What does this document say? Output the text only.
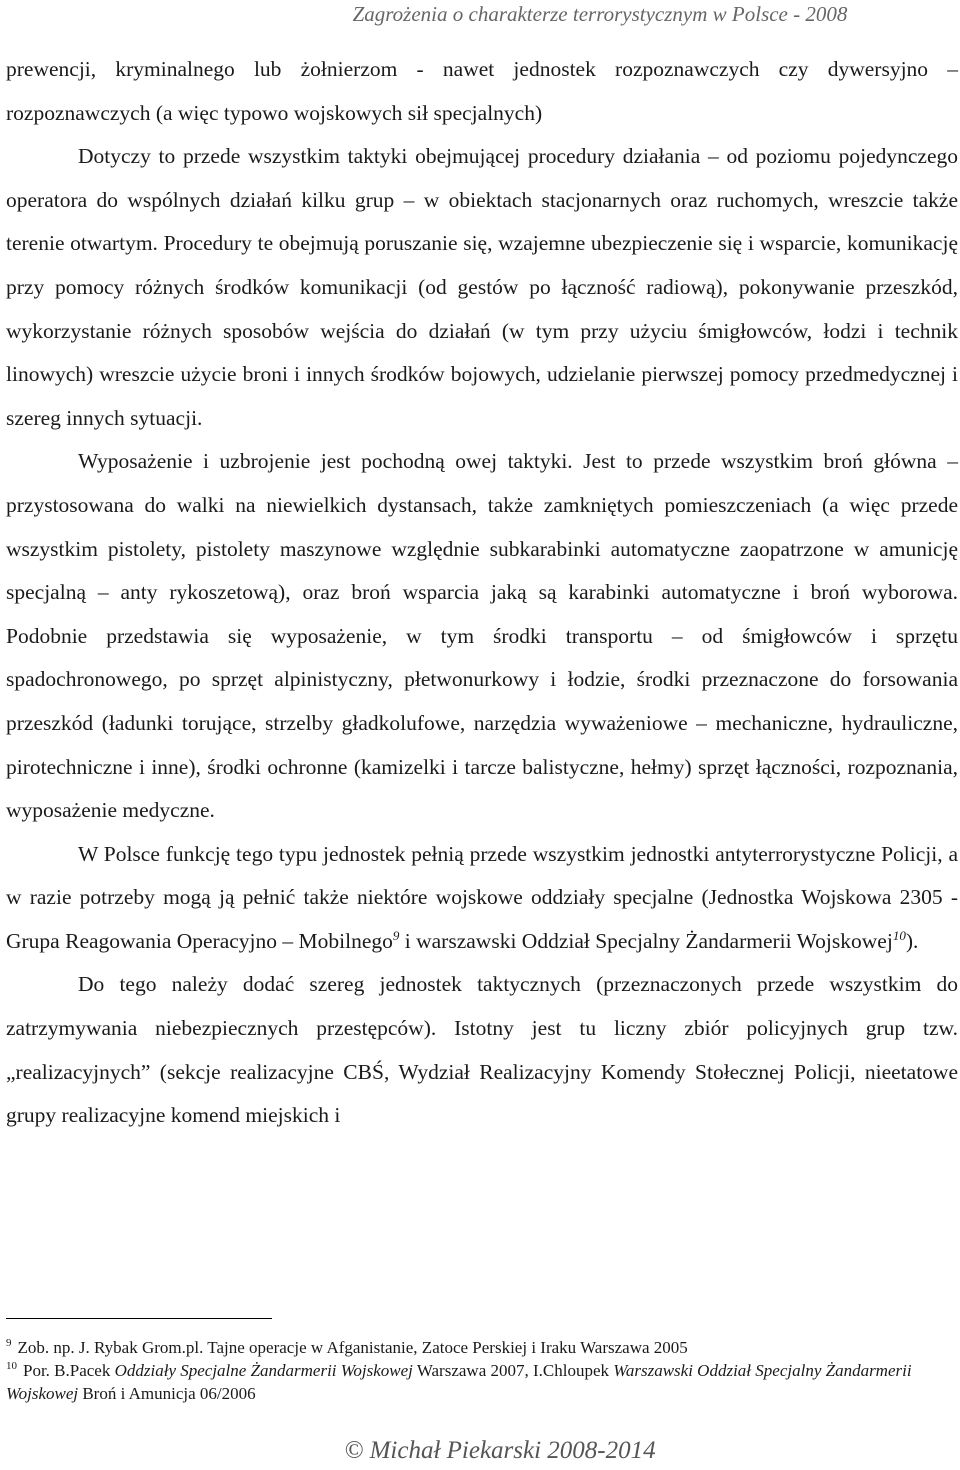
Zagrożenia o charakterze terrorystycznym w Polsce - 2008

prewencji, kryminalnego lub żołnierzom - nawet jednostek rozpoznawczych czy dywersyjno – rozpoznawczych (a więc typowo wojskowych sił specjalnych)

Dotyczy to przede wszystkim taktyki obejmującej procedury działania – od poziomu pojedynczego operatora do wspólnych działań kilku grup – w obiektach stacjonarnych oraz ruchomych, wreszcie także terenie otwartym. Procedury te obejmują poruszanie się, wzajemne ubezpieczenie się i wsparcie, komunikację przy pomocy różnych środków komunikacji (od gestów po łączność radiową), pokonywanie przeszkód, wykorzystanie różnych sposobów wejścia do działań (w tym przy użyciu śmigłowców, łodzi i technik linowych) wreszcie użycie broni i innych środków bojowych, udzielanie pierwszej pomocy przedmedycznej i szereg innych sytuacji.

Wyposażenie i uzbrojenie jest pochodną owej taktyki. Jest to przede wszystkim broń główna – przystosowana do walki na niewielkich dystansach, także zamkniętych pomieszczeniach (a więc przede wszystkim pistolety, pistolety maszynowe względnie subkarabinki automatyczne zaopatrzone w amunicję specjalną – anty rykoszetową), oraz broń wsparcia jaką są karabinki automatyczne i broń wyborowa. Podobnie przedstawia się wyposażenie, w tym środki transportu – od śmigłowców i sprzętu spadochronowego, po sprzęt alpinistyczny, płetwonurkowy i łodzie, środki przeznaczone do forsowania przeszkód (ładunki torujące, strzelby gładkolufowe, narzędzia wyważeniowe – mechaniczne, hydrauliczne, pirotechniczne i inne), środki ochronne (kamizelki i tarcze balistyczne, hełmy) sprzęt łączności, rozpoznania, wyposażenie medyczne.

W Polsce funkcję tego typu jednostek pełnią przede wszystkim jednostki antyterrorystyczne Policji, a w razie potrzeby mogą ją pełnić także niektóre wojskowe oddziały specjalne (Jednostka Wojskowa 2305 - Grupa Reagowania Operacyjno – Mobilnego$^9$ i warszawski Oddział Specjalny Żandarmerii Wojskowej$^{10}$).

Do tego należy dodać szereg jednostek taktycznych (przeznaczonych przede wszystkim do zatrzymywania niebezpiecznych przestępców). Istotny jest tu liczny zbiór policyjnych grup tzw. „realizacyjnych” (sekcje realizacyjne CBŚ, Wydział Realizacyjny Komendy Stołecznej Policji, nieetatowe grupy realizacyjne komend miejskich i

$^9$ Zob. np. J. Rybak Grom.pl. Tajne operacje w Afganistanie, Zatoce Perskiej i Iraku Warszawa 2005

$^{10}$ Por. B.Pacek Oddziały Specjalne Żandarmerii Wojskowej Warszawa 2007, I.Chloupek Warszawski Oddział Specjalny Żandarmerii Wojskowej Broń i Amunicja 06/2006

© Michał Piekarski 2008-2014
